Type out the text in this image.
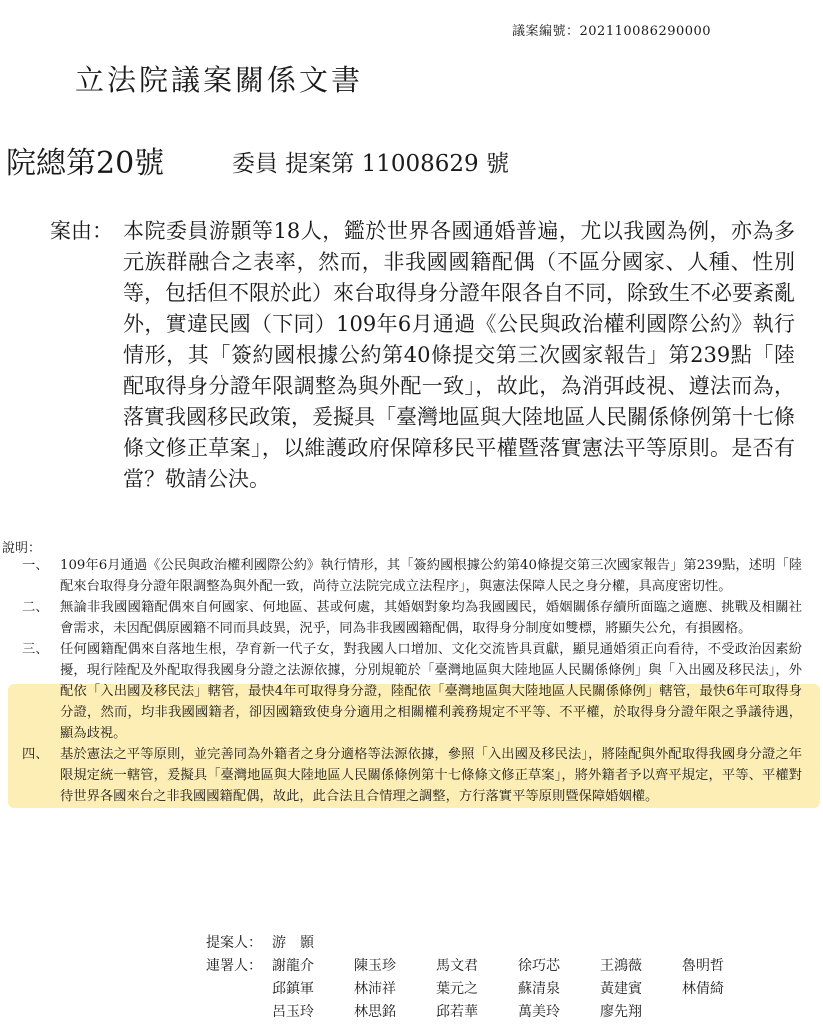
議案編號：202110086290000
立法院議案關係文書
院總第20號	委員 提案第 11008629 號
案由： 本院委員游顥等18人，鑑於世界各國通婚普遍，尤以我國為例，亦為多元族群融合之表率，然而，非我國國籍配偶（不區分國家、人種、性別等，包括但不限於此）來台取得身分證年限各自不同，除致生不必要紊亂外，實違民國（下同）109年6月通過《公民與政治權利國際公約》執行情形，其「簽約國根據公約第40條提交第三次國家報告」第239點「陸配取得身分證年限調整為與外配一致」，故此，為消弭歧視、遵法而為，落實我國移民政策，爰擬具「臺灣地區與大陸地區人民關係條例第十七條條文修正草案」，以維護政府保障移民平權暨落實憲法平等原則。是否有當？敬請公決。
說明：
一、 109年6月通過《公民與政治權利國際公約》執行情形，其「簽約國根據公約第40條提交第三次國家報告」第239點，述明「陸配來台取得身分證年限調整為與外配一致，尚待立法院完成立法程序」，與憲法保障人民之身分權，具高度密切性。
二、 無論非我國國籍配偶來自何國家、何地區、甚或何處，其婚姻對象均為我國國民，婚姻關係存續所面臨之適應、挑戰及相關社會需求，未因配偶原國籍不同而具歧異，況乎，同為非我國國籍配偶，取得身分制度如雙標，將顯失公允，有損國格。
三、 任何國籍配偶來自落地生根，孕育新一代子女，對我國人口增加、文化交流皆具貢獻，顯見通婚須正向看待，不受政治因素紛擾，現行陸配及外配取得我國身分證之法源依據，分別規範於「臺灣地區與大陸地區人民關係條例」與「入出國及移民法」，外配依「入出國及移民法」轄管，最快4年可取得身分證，陸配依「臺灣地區與大陸地區人民關係條例」轄管，最快6年可取得身分證，然而，均非我國國籍者，卻因國籍致使身分適用之相關權利義務規定不平等、不平權，於取得身分證年限之爭議待遇，顯為歧視。
四、 基於憲法之平等原則，並完善同為外籍者之身分適格等法源依據，參照「入出國及移民法」，將陸配與外配取得我國身分證之年限規定統一轄管，爰擬具「臺灣地區與大陸地區人民關係條例第十七條條文修正草案」，將外籍者予以齊平規定，平等、平權對待世界各國來台之非我國國籍配偶，故此，此合法且合情理之調整，方行落實平等原則暨保障婚姻權。
提案人： 游　顥
連署人： 謝龍介	陳玉珍	馬文君	徐巧芯	王鴻薇	魯明哲
邱鎮軍	林沛祥	葉元之	蘇清泉	黃建賓	林倩綺
呂玉玲	林思銘	邱若華	萬美玲	廖先翔
